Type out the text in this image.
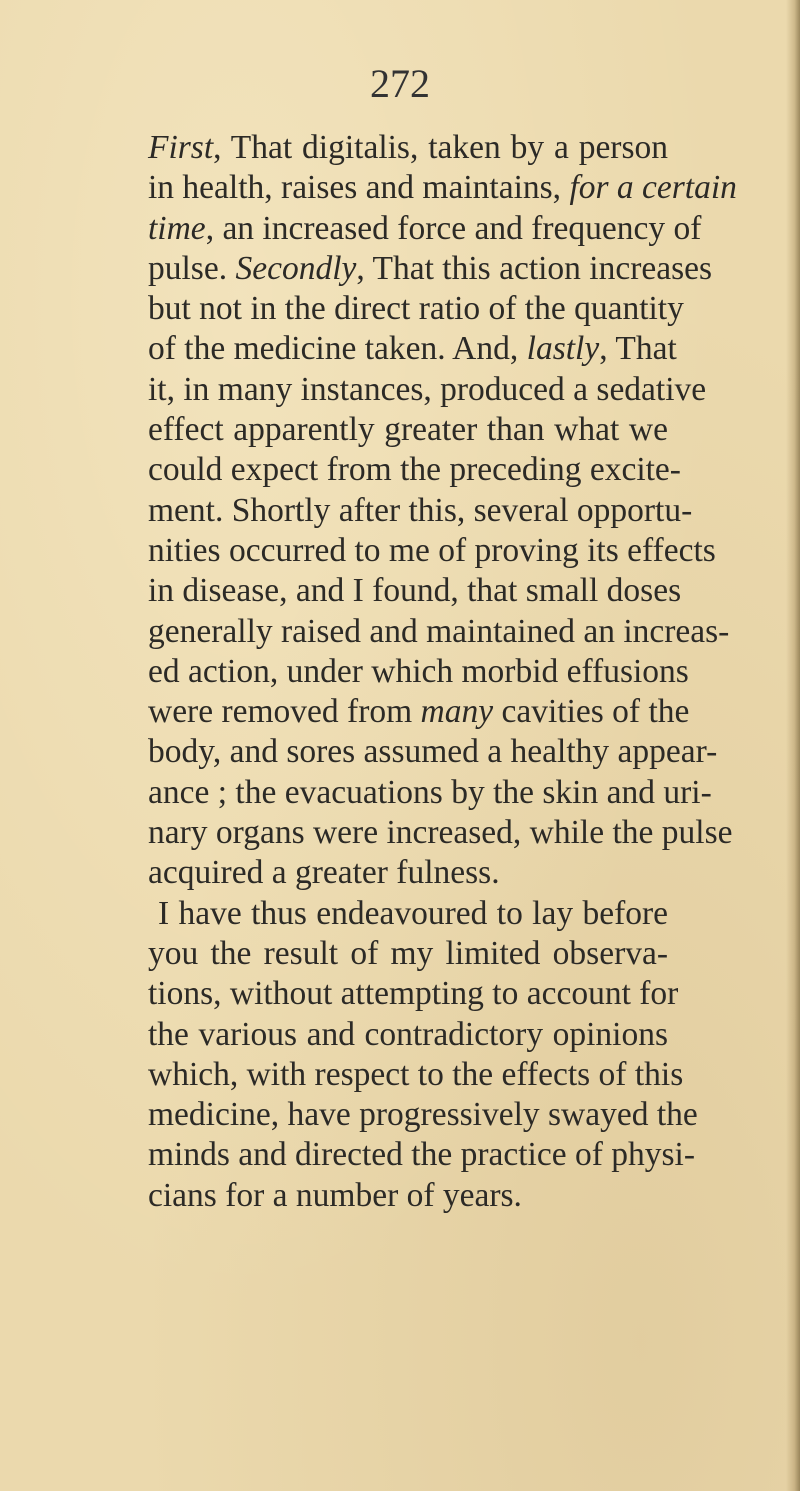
272
First, That digitalis, taken by a person
in health, raises and maintains, for a certain
time, an increased force and frequency of
pulse. Secondly, That this action increases
but not in the direct ratio of the quantity
of the medicine taken. And, lastly, That
it, in many instances, produced a sedative
effect apparently greater than what we
could expect from the preceding excite-
ment. Shortly after this, several opportu-
nities occurred to me of proving its effects
in disease, and I found, that small doses
generally raised and maintained an increas-
ed action, under which morbid effusions
were removed from many cavities of the
body, and sores assumed a healthy appear-
ance ; the evacuations by the skin and uri-
nary organs were increased, while the pulse
acquired a greater fulness.
I have thus endeavoured to lay before
you the result of my limited observa-
tions, without attempting to account for
the various and contradictory opinions
which, with respect to the effects of this
medicine, have progressively swayed the
minds and directed the practice of physi-
cians for a number of years.
